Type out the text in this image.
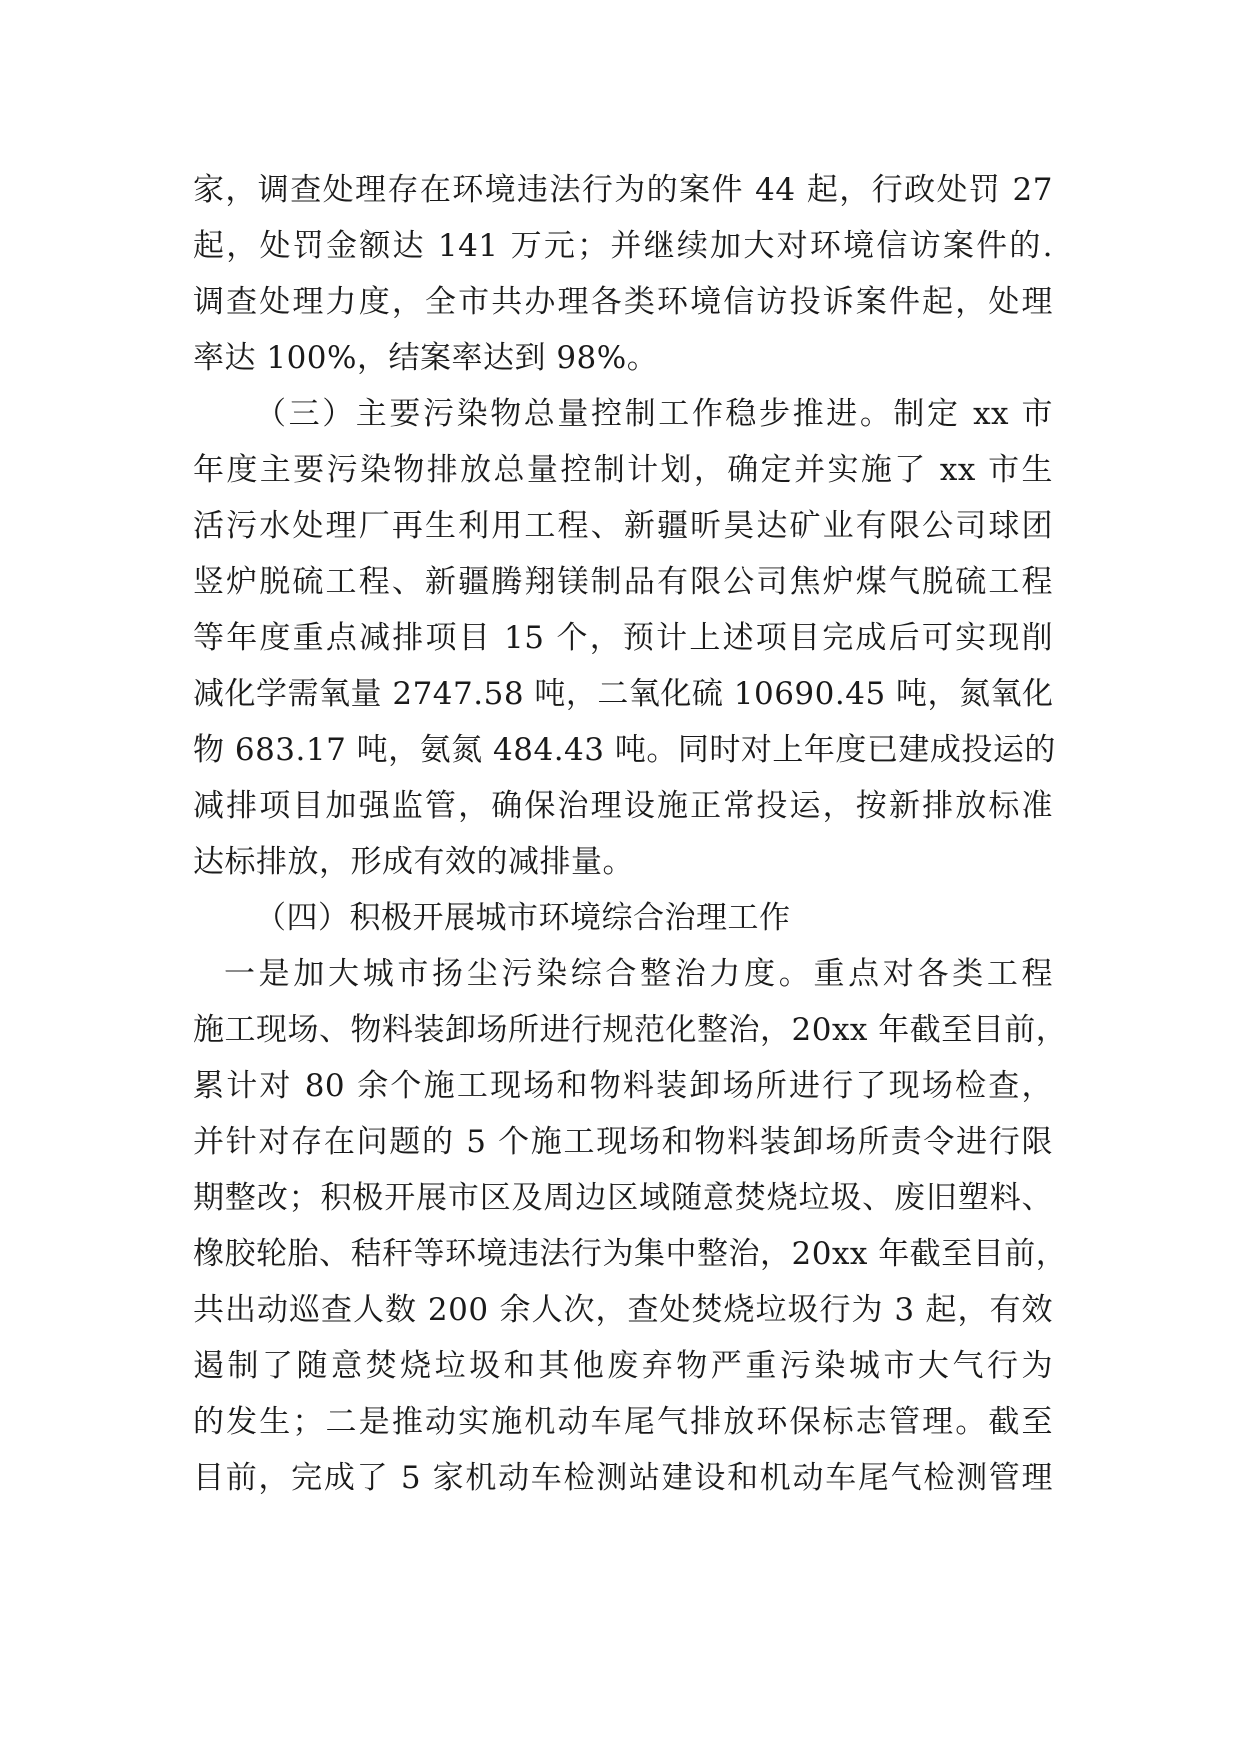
家，调查处理存在环境违法行为的案件 44 起，行政处罚 27
起，处罚金额达 141 万元；并继续加大对环境信访案件的.
调查处理力度，全市共办理各类环境信访投诉案件起，处理
率达 100%，结案率达到 98%。
（三）主要污染物总量控制工作稳步推进。制定 xx 市
年度主要污染物排放总量控制计划，确定并实施了 xx 市生
活污水处理厂再生利用工程、新疆昕昊达矿业有限公司球团
竖炉脱硫工程、新疆腾翔镁制品有限公司焦炉煤气脱硫工程
等年度重点减排项目 15 个，预计上述项目完成后可实现削
减化学需氧量 2747.58 吨，二氧化硫 10690.45 吨，氮氧化
物 683.17 吨，氨氮 484.43 吨。同时对上年度已建成投运的
减排项目加强监管，确保治理设施正常投运，按新排放标准
达标排放，形成有效的减排量。
（四）积极开展城市环境综合治理工作
一是加大城市扬尘污染综合整治力度。重点对各类工程
施工现场、物料装卸场所进行规范化整治，20xx 年截至目前，
累计对 80 余个施工现场和物料装卸场所进行了现场检查，
并针对存在问题的 5 个施工现场和物料装卸场所责令进行限
期整改；积极开展市区及周边区域随意焚烧垃圾、废旧塑料、
橡胶轮胎、秸秆等环境违法行为集中整治，20xx 年截至目前，
共出动巡查人数 200 余人次，查处焚烧垃圾行为 3 起，有效
遏制了随意焚烧垃圾和其他废弃物严重污染城市大气行为
的发生；二是推动实施机动车尾气排放环保标志管理。截至
目前，完成了 5 家机动车检测站建设和机动车尾气检测管理
